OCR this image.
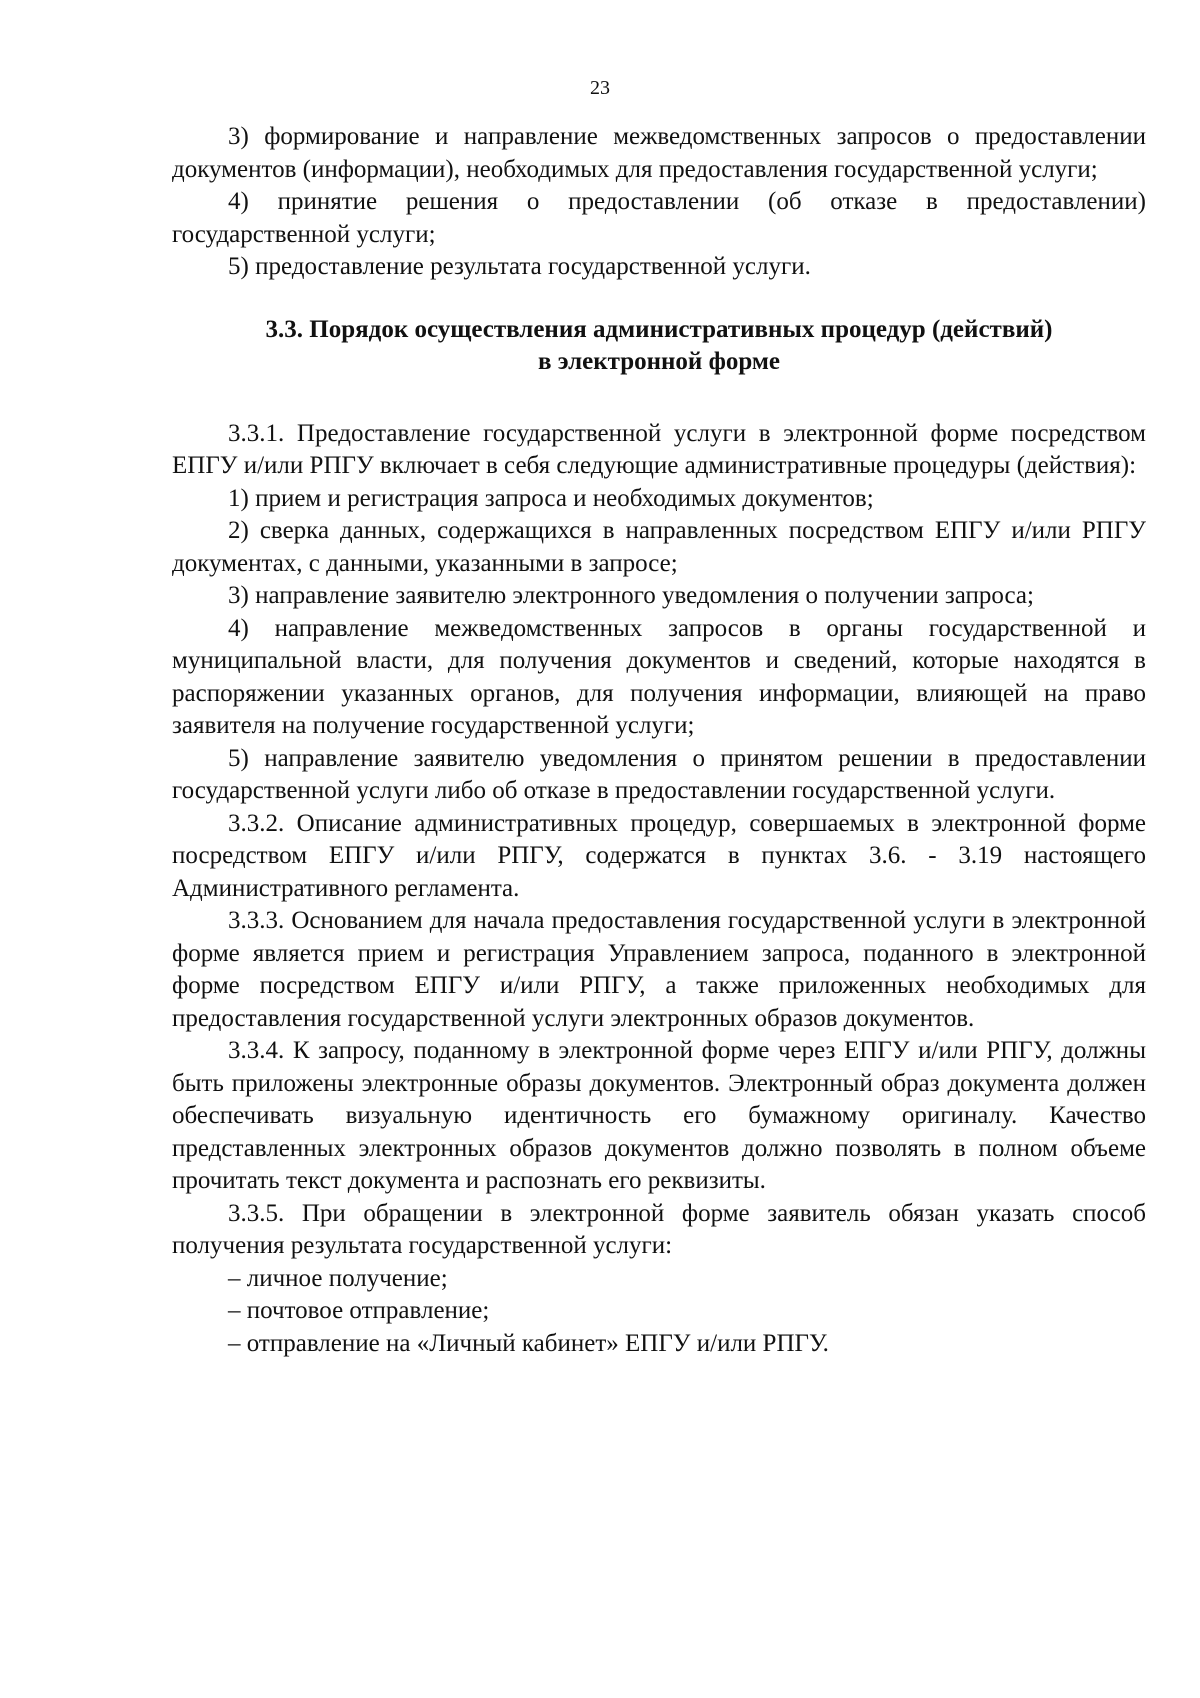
23

3) формирование и направление межведомственных запросов о предоставлении документов (информации), необходимых для предоставления государственной услуги;

4) принятие решения о предоставлении (об отказе в предоставлении) государственной услуги;

5) предоставление результата государственной услуги.

3.3. Порядок осуществления административных процедур (действий)
в электронной форме

3.3.1. Предоставление государственной услуги в электронной форме посредством ЕПГУ и/или РПГУ включает в себя следующие административные процедуры (действия):

1) прием и регистрация запроса и необходимых документов;

2) сверка данных, содержащихся в направленных посредством ЕПГУ и/или РПГУ документах, с данными, указанными в запросе;

3) направление заявителю электронного уведомления о получении запроса;

4) направление межведомственных запросов в органы государственной и муниципальной власти, для получения документов и сведений, которые находятся в распоряжении указанных органов, для получения информации, влияющей на право заявителя на получение государственной услуги;

5) направление заявителю уведомления о принятом решении в предоставлении государственной услуги либо об отказе в предоставлении государственной услуги.

3.3.2. Описание административных процедур, совершаемых в электронной форме посредством ЕПГУ и/или РПГУ, содержатся в пунктах 3.6. - 3.19 настоящего Административного регламента.

3.3.3. Основанием для начала предоставления государственной услуги в электронной форме является прием и регистрация Управлением запроса, поданного в электронной форме посредством ЕПГУ и/или РПГУ, а также приложенных необходимых для предоставления государственной услуги электронных образов документов.

3.3.4. К запросу, поданному в электронной форме через ЕПГУ и/или РПГУ, должны быть приложены электронные образы документов. Электронный образ документа должен обеспечивать визуальную идентичность его бумажному оригиналу. Качество представленных электронных образов документов должно позволять в полном объеме прочитать текст документа и распознать его реквизиты.

3.3.5. При обращении в электронной форме заявитель обязан указать способ получения результата государственной услуги:

– личное получение;

– почтовое отправление;

– отправление на «Личный кабинет» ЕПГУ и/или РПГУ.
